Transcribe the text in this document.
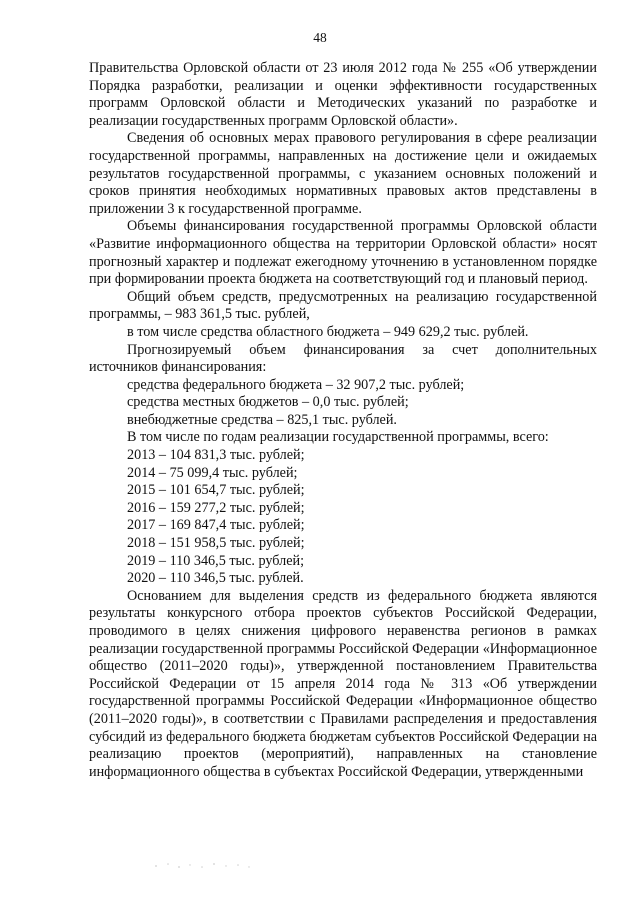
48

Правительства Орловской области от 23 июля 2012 года № 255 «Об утверждении Порядка разработки, реализации и оценки эффективности государственных программ Орловской области и Методических указаний по разработке и реализации государственных программ Орловской области».

Сведения об основных мерах правового регулирования в сфере реализации государственной программы, направленных на достижение цели и ожидаемых результатов государственной программы, с указанием основных положений и сроков принятия необходимых нормативных правовых актов представлены в приложении 3 к государственной программе.

Объемы финансирования государственной программы Орловской области «Развитие информационного общества на территории Орловской области» носят прогнозный характер и подлежат ежегодному уточнению в установленном порядке при формировании проекта бюджета на соответствующий год и плановый период.

Общий объем средств, предусмотренных на реализацию государственной программы, – 983 361,5 тыс. рублей,

в том числе средства областного бюджета – 949 629,2 тыс. рублей.

Прогнозируемый объем финансирования за счет дополнительных источников финансирования:

средства федерального бюджета – 32 907,2 тыс. рублей;

средства местных бюджетов – 0,0 тыс. рублей;

внебюджетные средства – 825,1 тыс. рублей.

В том числе по годам реализации государственной программы, всего:

2013 – 104 831,3 тыс. рублей;

2014 – 75 099,4 тыс. рублей;

2015 – 101 654,7 тыс. рублей;

2016 – 159 277,2 тыс. рублей;

2017 – 169 847,4 тыс. рублей;

2018 – 151 958,5 тыс. рублей;

2019 – 110 346,5 тыс. рублей;

2020 – 110 346,5 тыс. рублей.

Основанием для выделения средств из федерального бюджета являются результаты конкурсного отбора проектов субъектов Российской Федерации, проводимого в целях снижения цифрового неравенства регионов в рамках реализации государственной программы Российской Федерации «Информационное общество (2011–2020 годы)», утвержденной постановлением Правительства Российской Федерации от 15 апреля 2014 года № 313 «Об утверждении государственной программы Российской Федерации «Информационное общество (2011–2020 годы)», в соответствии с Правилами распределения и предоставления субсидий из федерального бюджета бюджетам субъектов Российской Федерации на реализацию проектов (мероприятий), направленных на становление информационного общества в субъектах Российской Федерации, утвержденными
